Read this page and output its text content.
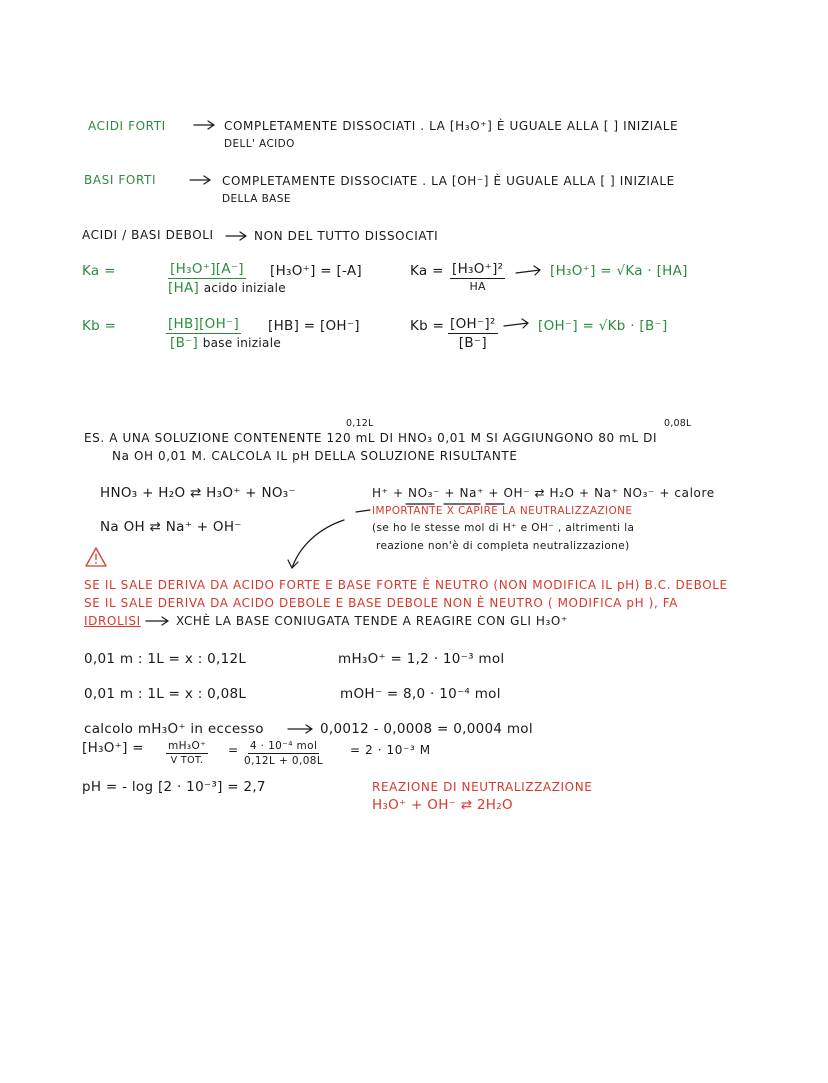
ACIDI FORTI	COMPLETAMENTE DISSOCIATI . LA [H₃O⁺] È UGUALE ALLA [ ] INIZIALE
DELL' ACIDO
BASI FORTI	COMPLETAMENTE DISSOCIATE . LA [OH⁻] È UGUALE ALLA [ ] INIZIALE
DELLA BASE
ACIDI / BASI DEBOLI	NON DEL TUTTO DISSOCIATI
Ka =	[H₃O⁺][A⁻]
[HA] acido iniziale
[H₃O⁺] = [-A]	Ka = [H₃O⁺]²
HA
[H₃O⁺] = √Ka · [HA]
Kb =	[HB][OH⁻]
[B⁻] base iniziale
[HB] = [OH⁻]	$Kb = \frac{\text{[OH⁻]²}}{[B^-]}$	[OH⁻] = √Kb · [B⁻]
0,12L	0,08L
ES. A UNA SOLUZIONE CONTENENTE 120 mL DI HNO₃ 0,01 M SI AGGIUNGONO 80 mL DI
Na OH 0,01 M. CALCOLA IL pH DELLA SOLUZIONE RISULTANTE
HNO₃ + H₂O ⇄ H₃O⁺ + NO₃⁻
Na OH ⇄ Na⁺ + OH⁻
H⁺ + NO₃⁻ + Na⁺ + OH⁻ ⇄ H₂O + Na⁺ NO₃⁻ + calore
IMPORTANTE X CAPIRE LA NEUTRALIZZAZIONE
(se ho le stesse mol di H⁺ e OH⁻ , altrimenti la
reazione non'è di completa neutralizzazione)
SE IL SALE DERIVA DA ACIDO FORTE E BASE FORTE È NEUTRO (NON MODIFICA IL pH) B.C. DEBOLE
SE IL SALE DERIVA DA ACIDO DEBOLE E BASE DEBOLE NON È NEUTRO ( MODIFICA pH ), FA
IDROLISI	XCHÈ LA BASE CONIUGATA TENDE A REAGIRE CON GLI H₃O⁺
0,01 m : 1L = x : 0,12L	mH₃O⁺ = 1,2 · 10⁻³ mol
0,01 m : 1L = x : 0,08L	mOH⁻ = 8,0 · 10⁻⁴ mol
calcolo mH₃O⁺ in eccesso	0,0012 - 0,0008 = 0,0004 mol
[H₃O⁺] = mH₃O⁺
V TOT.
= 4 · 10⁻⁴ mol
0,12L + 0,08L
= 2 · 10⁻³ M
pH = - log [2 · 10⁻³] = 2,7	REAZIONE DI NEUTRALIZZAZIONE
H₃O⁺ + OH⁻ ⇄ 2H₂O
